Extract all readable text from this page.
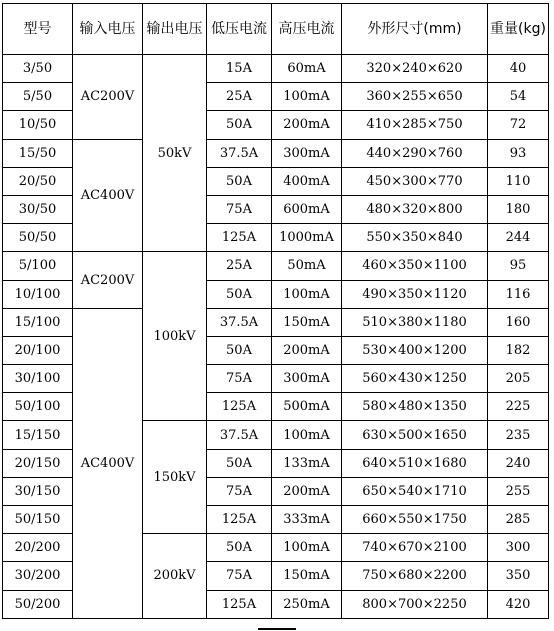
型号	输入电压	输出电压	低压电流	高压电流	外形尺寸(mm)	重量(kg)
3/50	AC200V	50kV	15A	60mA	320×240×620	40
5/50			25A	100mA	360×255×650	54
10/50			50A	200mA	410×285×750	72
15/50	AC400V		37.5A	300mA	440×290×760	93
20/50			50A	400mA	450×300×770	110
30/50			75A	600mA	480×320×800	180
50/50			125A	1000mA	550×350×840	244
5/100	AC200V	100kV	25A	50mA	460×350×1100	95
10/100			50A	100mA	490×350×1120	116
15/100	AC400V		37.5A	150mA	510×380×1180	160
20/100			50A	200mA	530×400×1200	182
30/100			75A	300mA	560×430×1250	205
50/100			125A	500mA	580×480×1350	225
15/150		150kV	37.5A	100mA	630×500×1650	235
20/150			50A	133mA	640×510×1680	240
30/150			75A	200mA	650×540×1710	255
50/150			125A	333mA	660×550×1750	285
20/200		200kV	50A	100mA	740×670×2100	300
30/200			75A	150mA	750×680×2200	350
50/200			125A	250mA	800×700×2250	420
